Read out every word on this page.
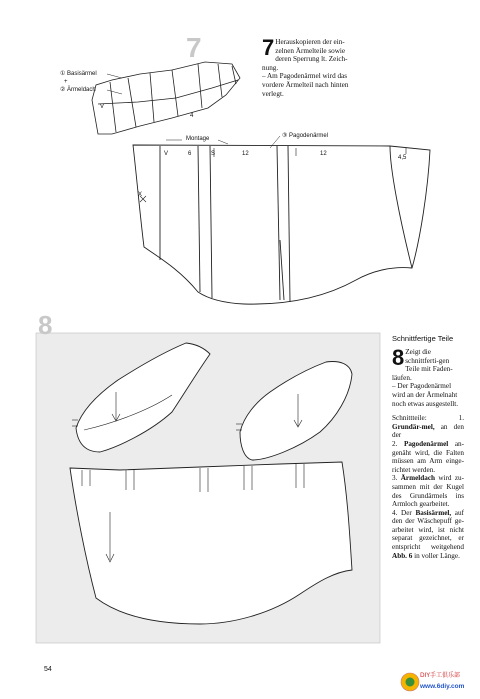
7	7 Herauskopieren der ein-zelnen Ärmelteile sowie deren Sperrung lt. Zeich-nung.

– Am Pagodenärmel wird das vordere Ärmelteil nach hinten verlegt.

① Basisärmel
+
② Ärmeldach
V
4
Montage	③ Pagodenärmel
V	6	S	12	12
4,5
X
8	Schnittfertige Teile
8 Zeigt die schnittferti-gen Teile mit Faden-läufen.

– Der Pagodenärmel wird an der Ärmelnaht noch etwas ausgestellt.

Schnittteile: 1. Grundär-mel, an den der
2. Pagodenärmel an-genäht wird, die Falten müssen am Arm einge-richtet werden.
3. Ärmeldach wird zu-sammen mit der Kugel des Grundärmels ins Armloch gearbeitet.
4. Der Basisärmel, auf den der Wäschepuff ge-arbeitet wird, ist nicht separat gezeichnet, er entspricht weitgehend Abb. 6 in voller Länge.

54
DIY手工俱乐部
www.6diy.com
